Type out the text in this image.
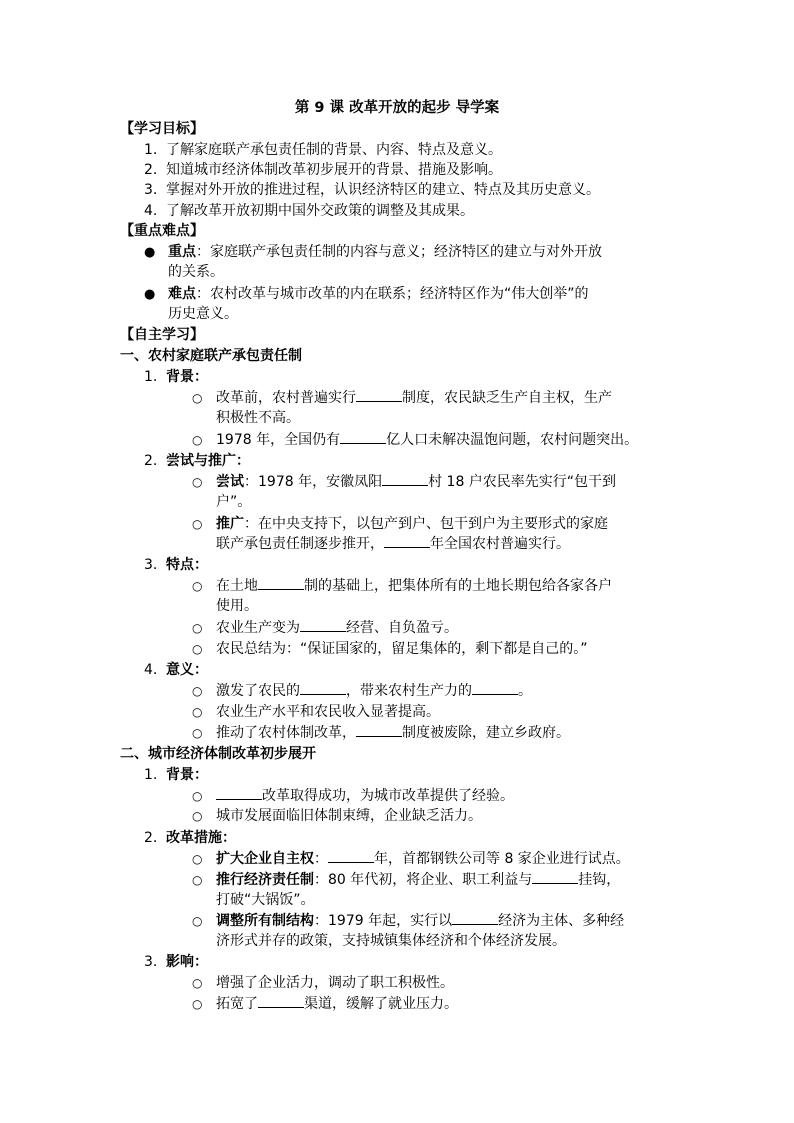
第 9 课 改革开放的起步 导学案
【学习目标】
1. 了解家庭联产承包责任制的背景、内容、特点及意义。
2. 知道城市经济体制改革初步展开的背景、措施及影响。
3. 掌握对外开放的推进过程，认识经济特区的建立、特点及其历史意义。
4. 了解改革开放初期中国外交政策的调整及其成果。
【重点难点】
● 重点：家庭联产承包责任制的内容与意义；经济特区的建立与对外开放
的关系。
● 难点：农村改革与城市改革的内在联系；经济特区作为“伟大创举”的
历史意义。
【自主学习】
一、农村家庭联产承包责任制
1. 背景：
○ 改革前，农村普遍实行	制度，农民缺乏生产自主权，生产
积极性不高。
○ 1978 年，全国仍有	亿人口未解决温饱问题，农村问题突出。
2. 尝试与推广：
○ 尝试：1978 年，安徽凤阳	村 18 户农民率先实行“包干到
户”。
○ 推广：在中央支持下，以包产到户、包干到户为主要形式的家庭
联产承包责任制逐步推开，	年全国农村普遍实行。
3. 特点：
○ 在土地	制的基础上，把集体所有的土地长期包给各家各户
使用。
○ 农业生产变为	经营、自负盈亏。
○ 农民总结为：“保证国家的，留足集体的，剩下都是自己的。”
4. 意义：
○ 激发了农民的	，带来农村生产力的	。
○ 农业生产水平和农民收入显著提高。
○ 推动了农村体制改革，	制度被废除，建立乡政府。
二、城市经济体制改革初步展开
1. 背景：
○	改革取得成功，为城市改革提供了经验。
○ 城市发展面临旧体制束缚，企业缺乏活力。
2. 改革措施：
○ 扩大企业自主权：	年，首都钢铁公司等 8 家企业进行试点。
○ 推行经济责任制：80 年代初，将企业、职工利益与	挂钩，
打破“大锅饭”。
○ 调整所有制结构：1979 年起，实行以	经济为主体、多种经
济形式并存的政策，支持城镇集体经济和个体经济发展。
3. 影响：
○ 增强了企业活力，调动了职工积极性。
○ 拓宽了	渠道，缓解了就业压力。
